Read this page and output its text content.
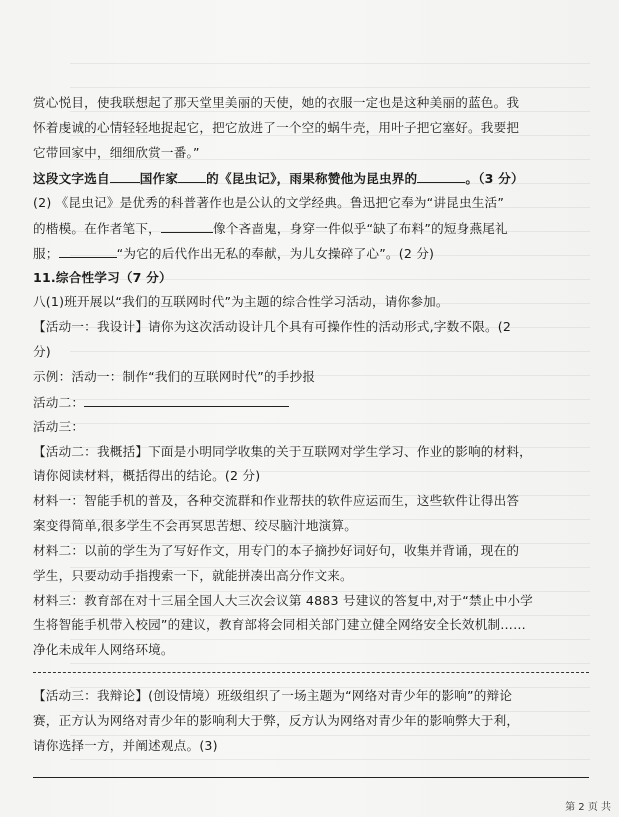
赏心悦目，使我联想起了那天堂里美丽的天使，她的衣服一定也是这种美丽的蓝色。我
怀着虔诚的心情轻轻地捉起它，把它放进了一个空的蜗牛壳，用叶子把它塞好。我要把
它带回家中，细细欣赏一番。”
这段文字选自 国作家 的《昆虫记》，雨果称赞他为昆虫界的	。（3 分）
(2) 《昆虫记》是优秀的科普著作也是公认的文学经典。鲁迅把它奉为“讲昆虫生活”
的楷模。在作者笔下，	像个吝啬鬼，身穿一件似乎“缺了布料”的短身燕尾礼
服；	“为它的后代作出无私的奉献，为儿女操碎了心”。(2 分)
11.综合性学习（7 分）
八(1)班开展以“我们的互联网时代”为主题的综合性学习活动，请你参加。
【活动一：我设计】请你为这次活动设计几个具有可操作性的活动形式,字数不限。(2
分)
示例：活动一：制作“我们的互联网时代”的手抄报
活动二：
活动三：
【活动二：我概括】下面是小明同学收集的关于互联网对学生学习、作业的影响的材料，
请你阅读材料，概括得出的结论。(2 分)
材料一：智能手机的普及，各种交流群和作业帮扶的软件应运而生，这些软件让得出答
案变得简单,很多学生不会再冥思苦想、绞尽脑汁地演算。
材料二：以前的学生为了写好作文，用专门的本子摘抄好词好句，收集并背诵，现在的
学生，只要动动手指搜索一下，就能拼凑出高分作文来。
材料三：教育部在对十三届全国人大三次会议第 4883 号建议的答复中,对于“禁止中小学
生将智能手机带入校园”的建议，教育部将会同相关部门建立健全网络安全长效机制……
净化未成年人网络环境。
【活动三：我辩论】(创设情境）班级组织了一场主题为“网络对青少年的影响”的辩论
赛，正方认为网络对青少年的影响利大于弊，反方认为网络对青少年的影响弊大于利，
请你选择一方，并阐述观点。(3)
第 2 页 共
